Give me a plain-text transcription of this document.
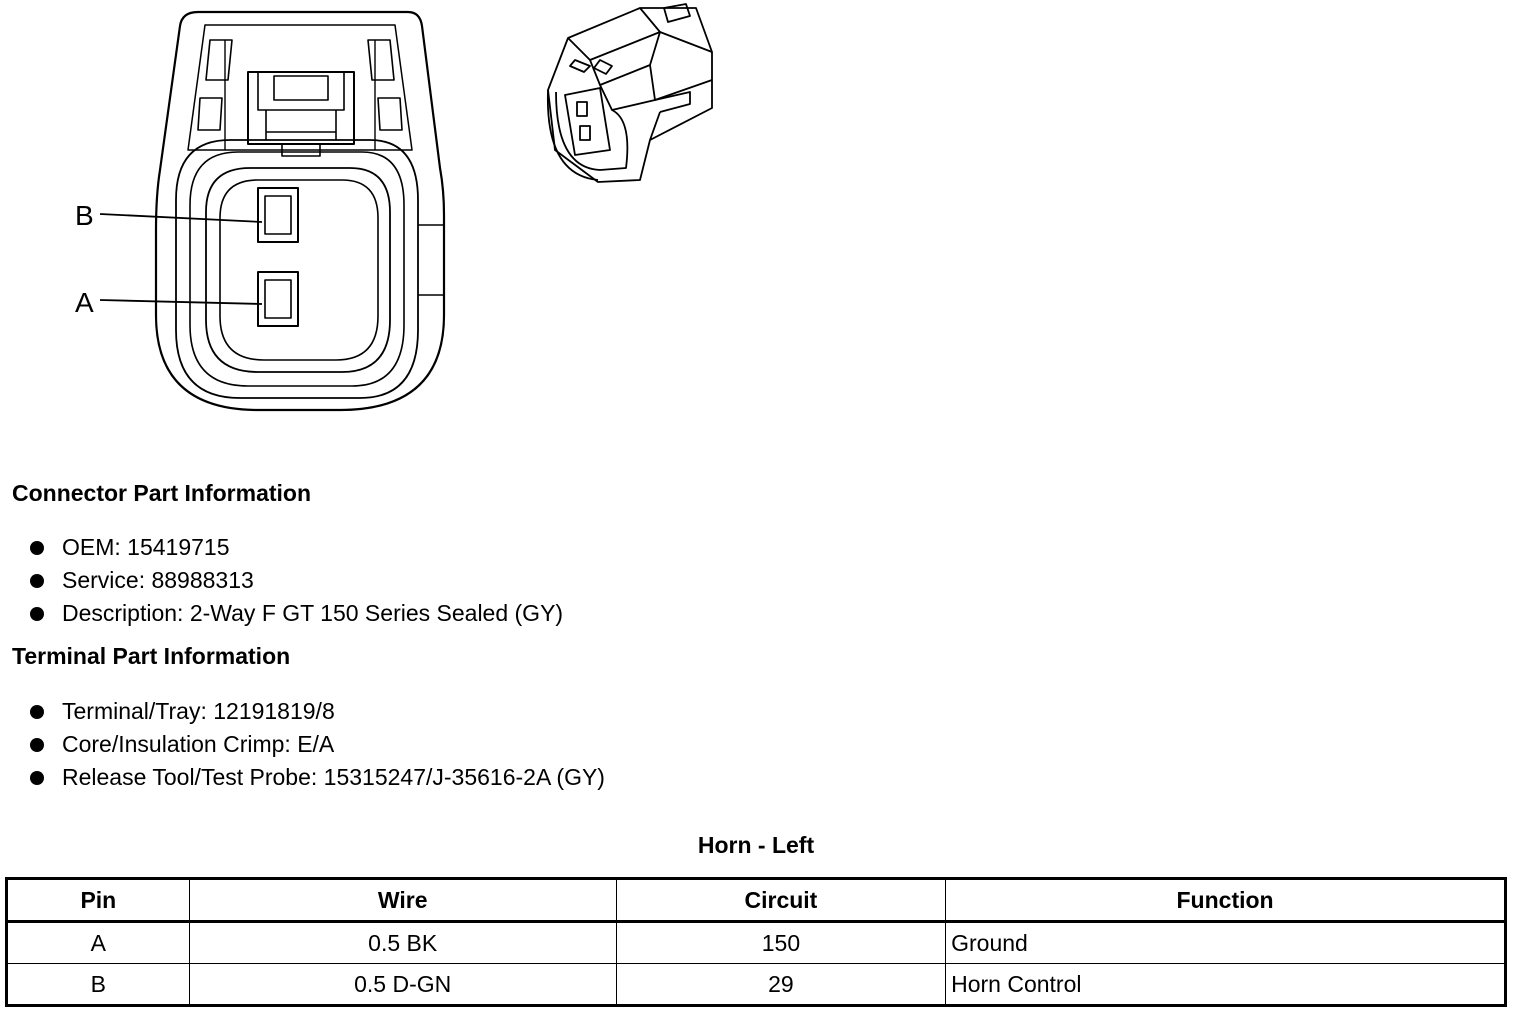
B
A
Connector Part Information
OEM: 15419715
Service: 88988313
Description: 2-Way F GT 150 Series Sealed (GY)
Terminal Part Information
Terminal/Tray: 12191819/8
Core/Insulation Crimp: E/A
Release Tool/Test Probe: 15315247/J-35616-2A (GY)
Horn - Left
Pin	Wire	Circuit	Function
A	0.5 BK	150	Ground
B	0.5 D-GN	29	Horn Control
